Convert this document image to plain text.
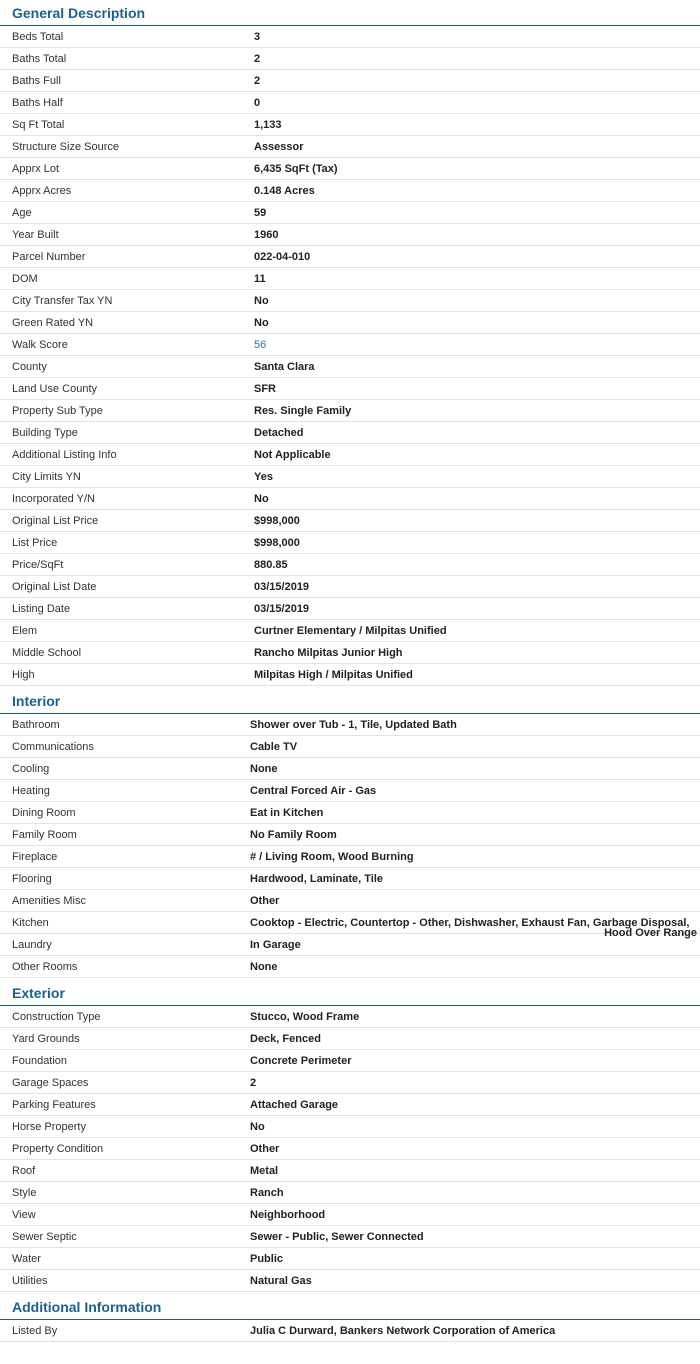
General Description
Beds Total	3
Baths Total	2
Baths Full	2
Baths Half	0
Sq Ft Total	1,133
Structure Size Source	Assessor
Apprx Lot	6,435 SqFt (Tax)
Apprx Acres	0.148 Acres
Age	59
Year Built	1960
Parcel Number	022-04-010
DOM	11
City Transfer Tax YN	No
Green Rated YN	No
Walk Score	56
County	Santa Clara
Land Use County	SFR
Property Sub Type	Res. Single Family
Building Type	Detached
Additional Listing Info	Not Applicable
City Limits YN	Yes
Incorporated Y/N	No
Original List Price	$998,000
List Price	$998,000
Price/SqFt	880.85
Original List Date	03/15/2019
Listing Date	03/15/2019
Elem	Curtner Elementary / Milpitas Unified
Middle School	Rancho Milpitas Junior High
High	Milpitas High / Milpitas Unified
Interior
Bathroom	Shower over Tub - 1, Tile, Updated Bath
Communications	Cable TV
Cooling	None
Heating	Central Forced Air - Gas
Dining Room	Eat in Kitchen
Family Room	No Family Room
Fireplace	# / Living Room, Wood Burning
Flooring	Hardwood, Laminate, Tile
Amenities Misc	Other
Kitchen	Cooktop - Electric, Countertop - Other, Dishwasher, Exhaust Fan, Garbage Disposal,
Hood Over Range
Laundry	In Garage
Other Rooms	None
Exterior
Construction Type	Stucco, Wood Frame
Yard Grounds	Deck, Fenced
Foundation	Concrete Perimeter
Garage Spaces	2
Parking Features	Attached Garage
Horse Property	No
Property Condition	Other
Roof	Metal
Style	Ranch
View	Neighborhood
Sewer Septic	Sewer - Public, Sewer Connected
Water	Public
Utilities	Natural Gas
Additional Information
Listed By	Julia C Durward, Bankers Network Corporation of America
